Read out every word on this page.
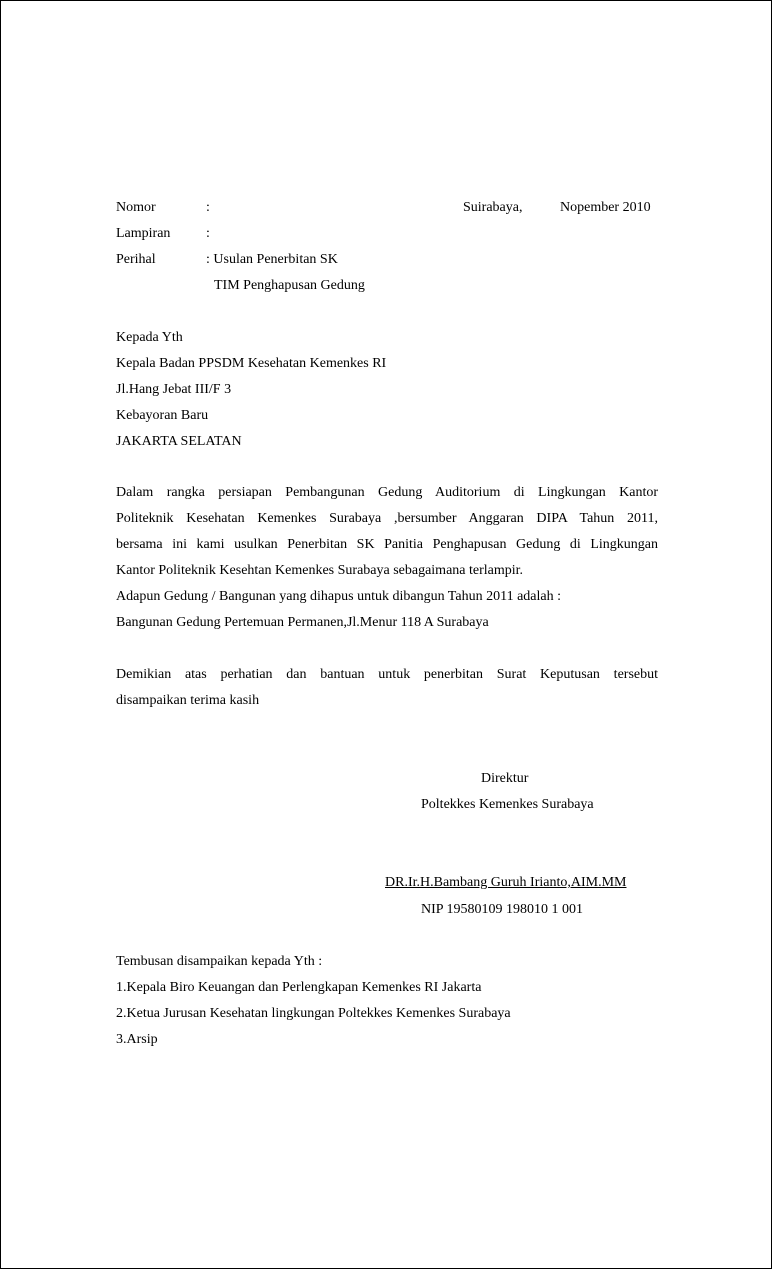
Nomor	:	Suirabaya,	Nopember 2010
Lampiran	:
Perihal	: Usulan Penerbitan SK
TIM Penghapusan Gedung
Kepada Yth
Kepala Badan PPSDM Kesehatan Kemenkes RI
Jl.Hang Jebat III/F 3
Kebayoran Baru
JAKARTA SELATAN
Dalam rangka persiapan Pembangunan Gedung Auditorium di Lingkungan Kantor
Politeknik Kesehatan Kemenkes Surabaya ,bersumber Anggaran DIPA Tahun 2011,
bersama ini kami usulkan Penerbitan SK Panitia Penghapusan Gedung di Lingkungan
Kantor Politeknik Kesehtan Kemenkes Surabaya sebagaimana terlampir.
Adapun Gedung / Bangunan yang dihapus untuk dibangun Tahun 2011 adalah :
Bangunan Gedung Pertemuan Permanen,Jl.Menur 118 A Surabaya
Demikian atas perhatian dan bantuan untuk penerbitan Surat Keputusan tersebut
disampaikan terima kasih
Direktur
Poltekkes Kemenkes Surabaya
DR.Ir.H.Bambang Guruh Irianto,AIM.MM
NIP 19580109 198010 1 001
Tembusan disampaikan kepada Yth :
1.Kepala Biro Keuangan dan Perlengkapan Kemenkes RI Jakarta
2.Ketua Jurusan Kesehatan lingkungan Poltekkes Kemenkes Surabaya
3.Arsip
